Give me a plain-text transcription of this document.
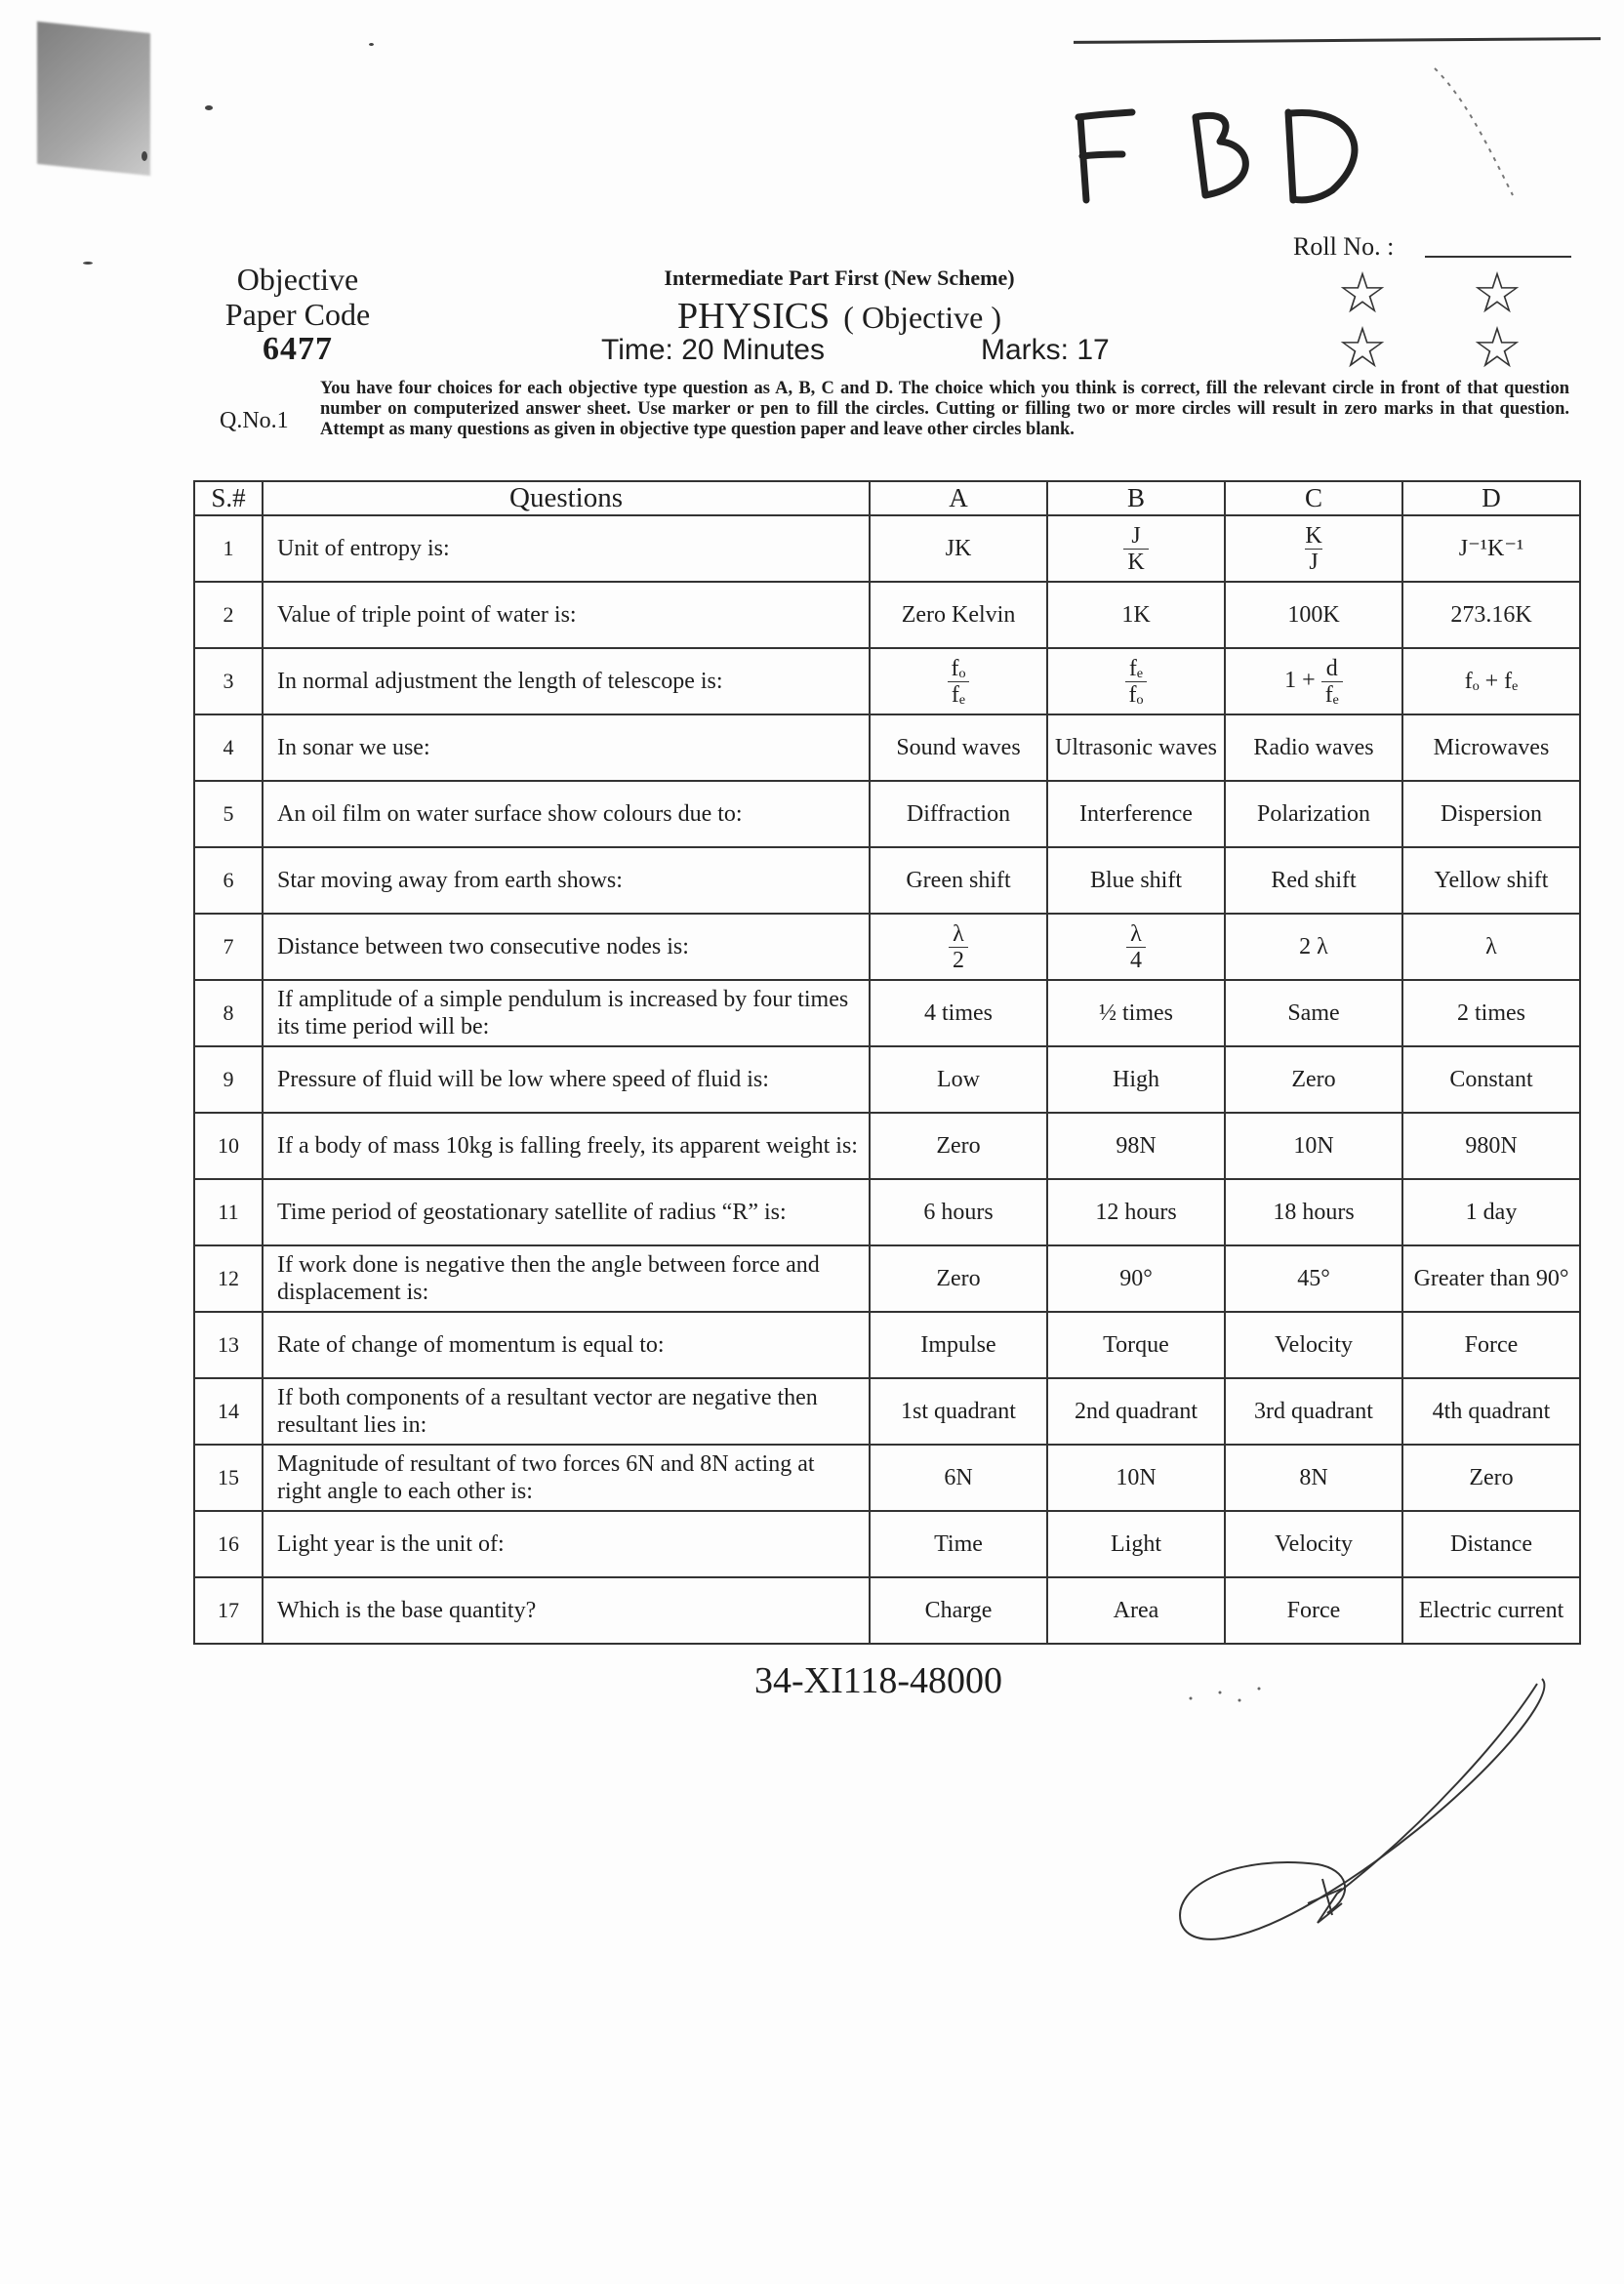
Roll No. :
Objective
Paper Code
6477
Intermediate Part First (New Scheme)
PHYSICS ( Objective )
Time: 20 Minutes	Marks: 17
☆ ☆
☆ ☆
Q.No.1
You have four choices for each objective type question as A, B, C and D. The choice which you think is correct, fill the relevant circle in front of that question number on computerized answer sheet. Use marker or pen to fill the circles. Cutting or filling two or more circles will result in zero marks in that question. Attempt as many questions as given in objective type question paper and leave other circles blank.
S.#	Questions	A	B	C	D
1	Unit of entropy is:	JK	$\frac{J}{K}$	$\frac{K}{J}$	J⁻¹K⁻¹
2	Value of triple point of water is:	Zero Kelvin	1K	100K	273.16K
3	In normal adjustment the length of telescope is:	$\frac{\text{fₒ}}{\text{fₑ}}$	$\frac{\text{fₑ}}{\text{fₒ}}$	$1 + \frac{d}{\text{fₑ}}$	fₒ + fₑ
4	In sonar we use:	Sound waves	Ultrasonic waves	Radio waves	Microwaves
5	An oil film on water surface show colours due to:	Diffraction	Interference	Polarization	Dispersion
6	Star moving away from earth shows:	Green shift	Blue shift	Red shift	Yellow shift
7	Distance between two consecutive nodes is:	$\frac{\lambda}{2}$	$\frac{\lambda}{4}$	2 λ	λ
8	If amplitude of a simple pendulum is increased by four times its time period will be:	4 times	½ times	Same	2 times
9	Pressure of fluid will be low where speed of fluid is:	Low	High	Zero	Constant
10	If a body of mass 10kg is falling freely, its apparent weight is:	Zero	98N	10N	980N
11	Time period of geostationary satellite of radius “R” is:	6 hours	12 hours	18 hours	1 day
12	If work done is negative then the angle between force and displacement is:	Zero	90°	45°	Greater than 90°
13	Rate of change of momentum is equal to:	Impulse	Torque	Velocity	Force
14	If both components of a resultant vector are negative then resultant lies in:	1st quadrant	2nd quadrant	3rd quadrant	4th quadrant
15	Magnitude of resultant of two forces 6N and 8N acting at right angle to each other is:	6N	10N	8N	Zero
16	Light year is the unit of:	Time	Light	Velocity	Distance
17	Which is the base quantity?	Charge	Area	Force	Electric current
34-XI118-48000
